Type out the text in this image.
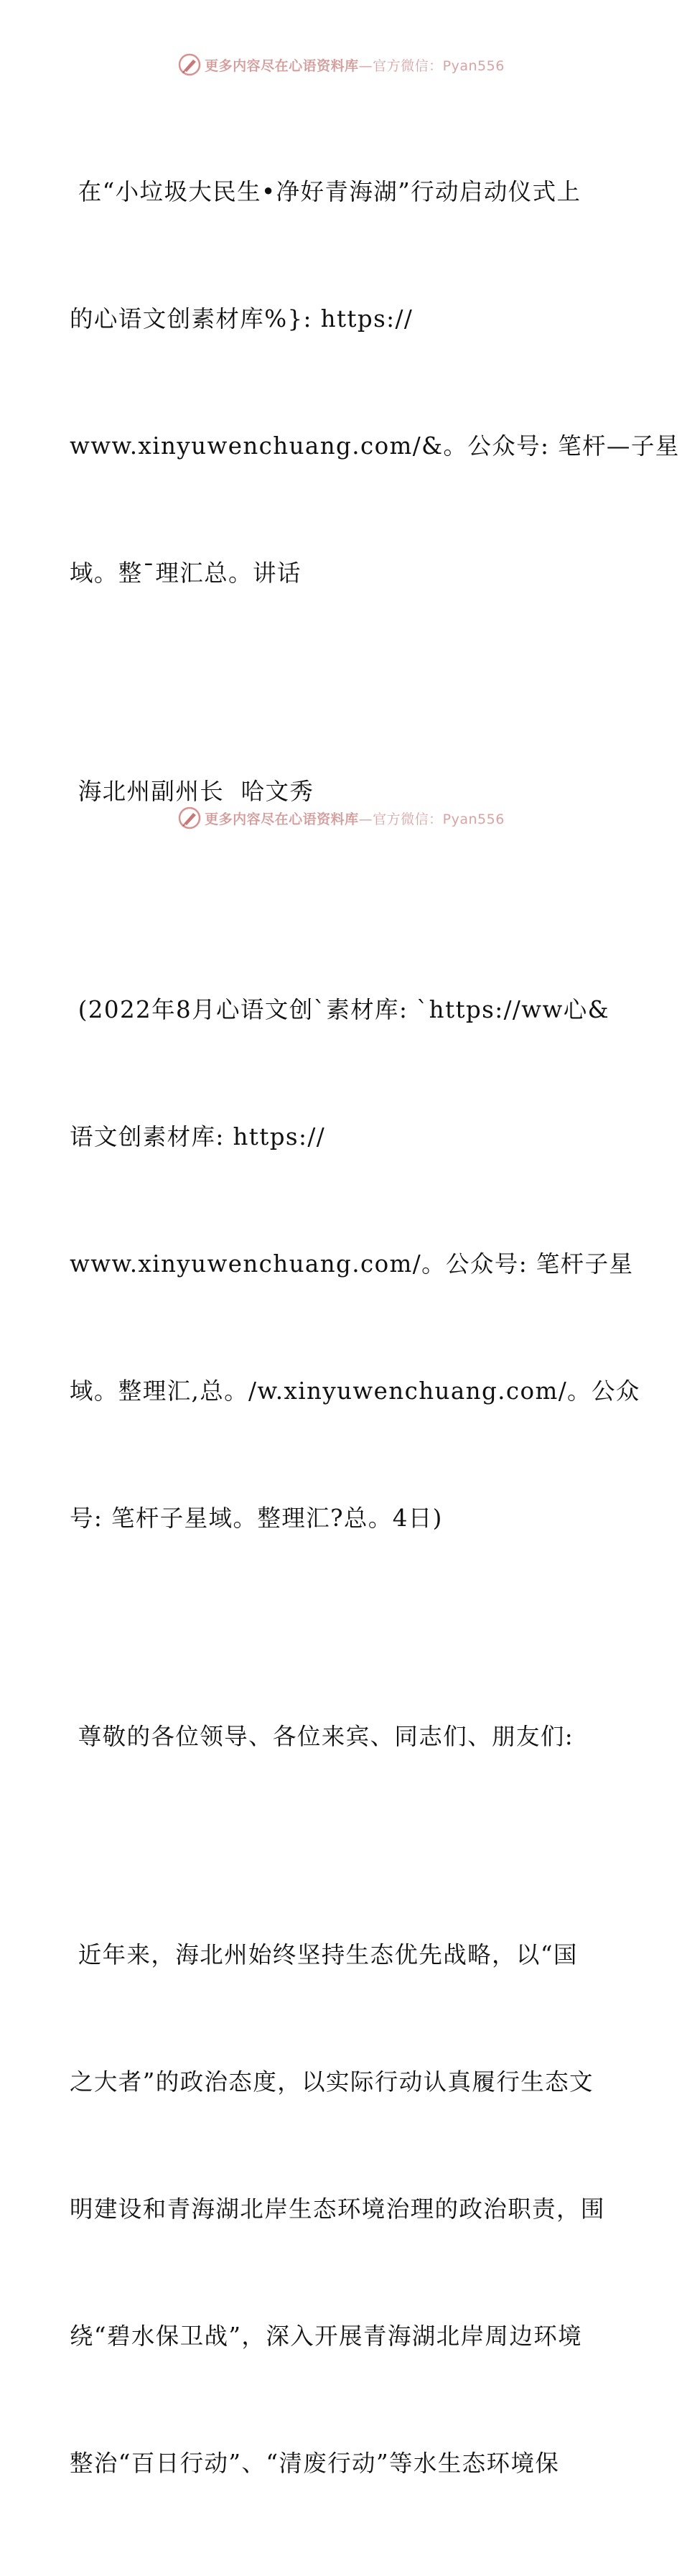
更多内容尽在心语资料库—官方微信：Pyan556

在“小垃圾大民生•净好青海湖”行动启动仪式上

的心语文创素材库%}: https://

www.xinyuwenchuang.com/&。公众号: 笔杆—子星

域。整¯理汇总。讲话

海北州副州长  哈文秀

(2022年8月心语文创`素材库: `https://ww心&

语文创素材库: https://

www.xinyuwenchuang.com/。公众号: 笔杆子星

域。整理汇,总。/w.xinyuwenchuang.com/。公众

号: 笔杆子星域。整理汇?总。4日)

尊敬的各位领导、各位来宾、同志们、朋友们:

近年来，海北州始终坚持生态优先战略，以“国

之大者”的政治态度，以实际行动认真履行生态文

明建设和青海湖北岸生态环境治理的政治职责，围

绕“碧水保卫战”，深入开展青海湖北岸周边环境

整治“百日行动”、“清废行动”等水生态环境保

更多内容尽在心语资料库—官方微信：Pyan556
